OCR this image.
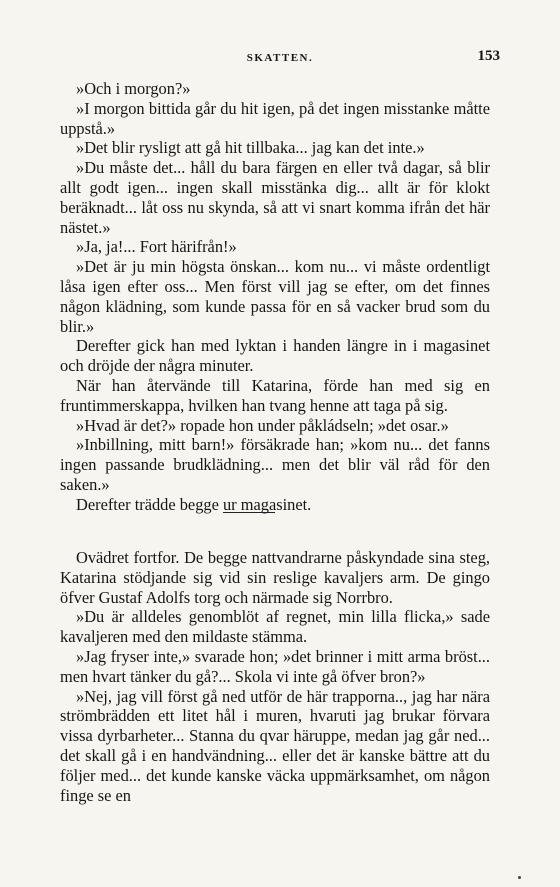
SKATTEN.	153

»Och i morgon?»

»I morgon bittida går du hit igen, på det ingen misstanke måtte uppstå.»

»Det blir rysligt att gå hit tillbaka... jag kan det inte.»

»Du måste det... håll du bara färgen en eller två dagar, så blir allt godt igen... ingen skall misstänka dig... allt är för klokt beräknadt... låt oss nu skynda, så att vi snart komma ifrån det här nästet.»

»Ja, ja!... Fort härifrån!»

»Det är ju min högsta önskan... kom nu... vi måste ordentligt låsa igen efter oss... Men först vill jag se efter, om det finnes någon klädning, som kunde passa för en så vacker brud som du blir.»

Derefter gick han med lyktan i handen längre in i magasinet och dröjde der några minuter.

När han återvände till Katarina, förde han med sig en fruntimmerskappa, hvilken han tvang henne att taga på sig.

»Hvad är det?» ropade hon under påkládseln; »det osar.»

»Inbillning, mitt barn!» försäkrade han; »kom nu... det fanns ingen passande brudklädning... men det blir väl råd för den saken.»

Derefter trädde begge ur magasinet.

Ovädret fortfor. De begge nattvandrarne påskyndade sina steg, Katarina stödjande sig vid sin reslige kavaljers arm. De gingo öfver Gustaf Adolfs torg och närmade sig Norrbro.

»Du är alldeles genomblöt af regnet, min lilla flicka,» sade kavaljeren med den mildaste stämma.

»Jag fryser inte,» svarade hon; »det brinner i mitt arma bröst... men hvart tänker du gå?... Skola vi inte gå öfver bron?»

»Nej, jag vill först gå ned utför de här trapporna.., jag har nära strömbrädden ett litet hål i muren, hvaruti jag brukar förvara vissa dyrbarheter... Stanna du qvar häruppe, medan jag går ned... det skall gå i en handvändning... eller det är kanske bättre att du följer med... det kunde kanske väcka uppmärksamhet, om någon finge se en
